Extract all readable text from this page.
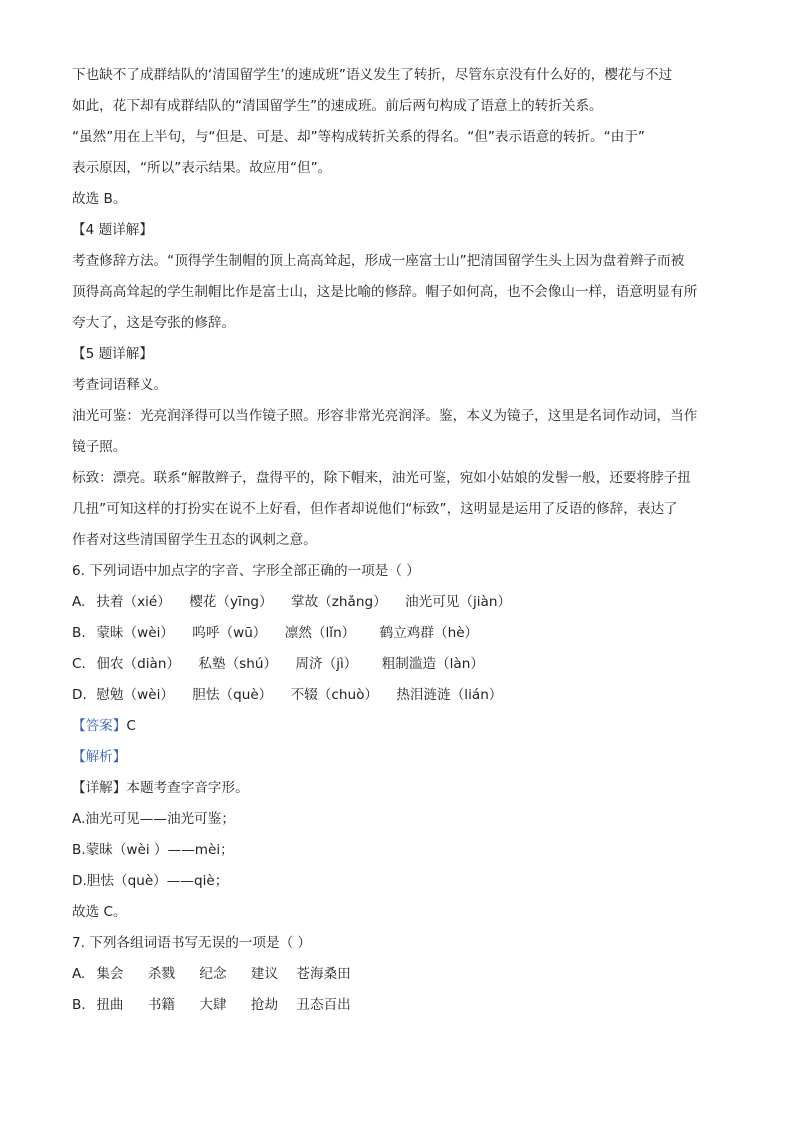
下也缺不了成群结队的‘清国留学生’的速成班”语义发生了转折，尽管东京没有什么好的，樱花与不过
如此，花下却有成群结队的“清国留学生”的速成班。前后两句构成了语意上的转折关系。
“虽然”用在上半句，与“但是、可是、却”等构成转折关系的得名。“但”表示语意的转折。“由于”
表示原因，“所以”表示结果。故应用“但”。
故选 B。
【4 题详解】
考查修辞方法。“顶得学生制帽的顶上高高耸起，形成一座富士山”把清国留学生头上因为盘着辫子而被
顶得高高耸起的学生制帽比作是富士山，这是比喻的修辞。帽子如何高，也不会像山一样，语意明显有所
夸大了，这是夸张的修辞。
【5 题详解】
考查词语释义。
油光可鉴：光亮润泽得可以当作镜子照。形容非常光亮润泽。鉴，本义为镜子，这里是名词作动词，当作
镜子照。
标致：漂亮。联系“解散辫子，盘得平的，除下帽来，油光可鉴，宛如小姑娘的发髻一般，还要将脖子扭
几扭”可知这样的打扮实在说不上好看，但作者却说他们“标致”，这明显是运用了反语的修辞，表达了
作者对这些清国留学生丑态的讽刺之意。
6. 下列词语中加点字的字音、字形全部正确的一项是（ ）
A. 扶着（xié） 樱花（yīng） 掌故（zhǎng） 油光可见（jiàn）
B. 蒙昧（wèi） 呜呼（wū） 凛然（lǐn） 鹤立鸡群（hè）
C. 佃农（diàn） 私塾（shú） 周济（jì） 粗制滥造（làn）
D. 慰勉（wèi） 胆怯（què） 不辍（chuò） 热泪涟涟（lián）
【答案】C
【解析】
【详解】本题考查字音字形。
A.油光可见——油光可鉴；
B.蒙昧（wèi ）——mèi；
D.胆怯（què）——qiè；
故选 C。
7. 下列各组词语书写无误的一项是（ ）
A. 集会 杀戮 纪念 建议 苍海桑田
B. 扭曲 书籍 大肆 抢劫 丑态百出
